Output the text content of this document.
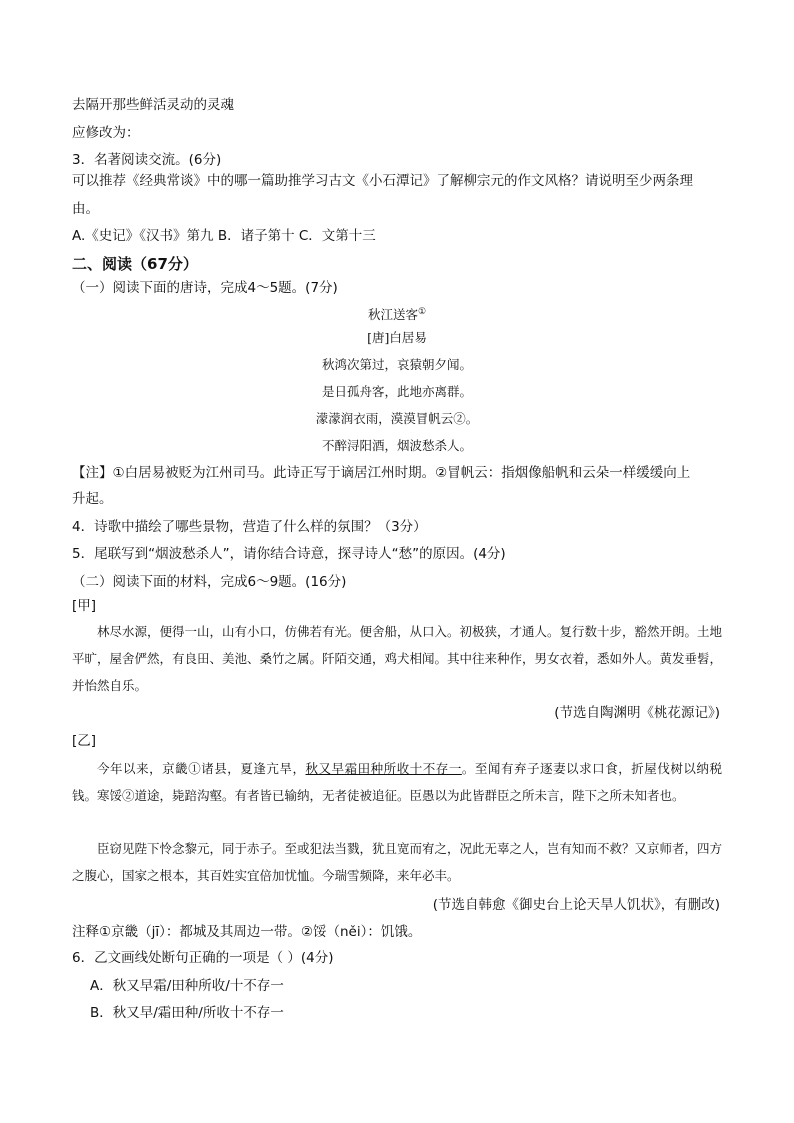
去隔开那些鲜活灵动的灵魂
应修改为：
3．名著阅读交流。(6分)
可以推荐《经典常谈》中的哪一篇助推学习古文《小石潭记》了解柳宗元的作文风格？请说明至少两条理
由。
A.《史记》《汉书》第九 B．诸子第十 C．文第十三
二、阅读（67分）
（一）阅读下面的唐诗，完成4～5题。(7分)
秋江送客①
[唐]白居易
秋鸿次第过，哀猿朝夕闻。
是日孤舟客，此地亦离群。
濛濛润衣雨，漠漠冒帆云②。
不醉浔阳酒，烟波愁杀人。
【注】①白居易被贬为江州司马。此诗正写于谪居江州时期。②冒帆云：指烟像船帆和云朵一样缓缓向上
升起。
4．诗歌中描绘了哪些景物，营造了什么样的氛围？（3分）
5．尾联写到“烟波愁杀人”，请你结合诗意，探寻诗人“愁”的原因。(4分)
（二）阅读下面的材料，完成6～9题。(16分)
[甲]
林尽水源，便得一山，山有小口，仿佛若有光。便舍船，从口入。初极狭，才通人。复行数十步，豁然开朗。土地平旷，屋舍俨然，有良田、美池、桑竹之属。阡陌交通，鸡犬相闻。其中往来种作，男女衣着，悉如外人。黄发垂髫，并怡然自乐。
(节选自陶渊明《桃花源记》)
[乙]
今年以来，京畿①诸县，夏逢亢旱，秋又早霜田种所收十不存一。至闻有弃子逐妻以求口食，折屋伐树以纳税钱。寒馁②道途，毙踣沟壑。有者皆已输纳，无者徒被追征。臣愚以为此皆群臣之所未言，陛下之所未知者也。
臣窃见陛下怜念黎元，同于赤子。至或犯法当戮，犹且宽而宥之，况此无辜之人，岂有知而不救？又京师者，四方之腹心，国家之根本，其百姓实宜倍加忧恤。今瑞雪频降，来年必丰。
(节选自韩愈《御史台上论天旱人饥状》，有删改)
注释①京畿（jī）：都城及其周边一带。②馁（něi）：饥饿。
6．乙文画线处断句正确的一项是（ ）(4分)
A．秋又早霜/田种所收/十不存一
B．秋又早/霜田种/所收十不存一
